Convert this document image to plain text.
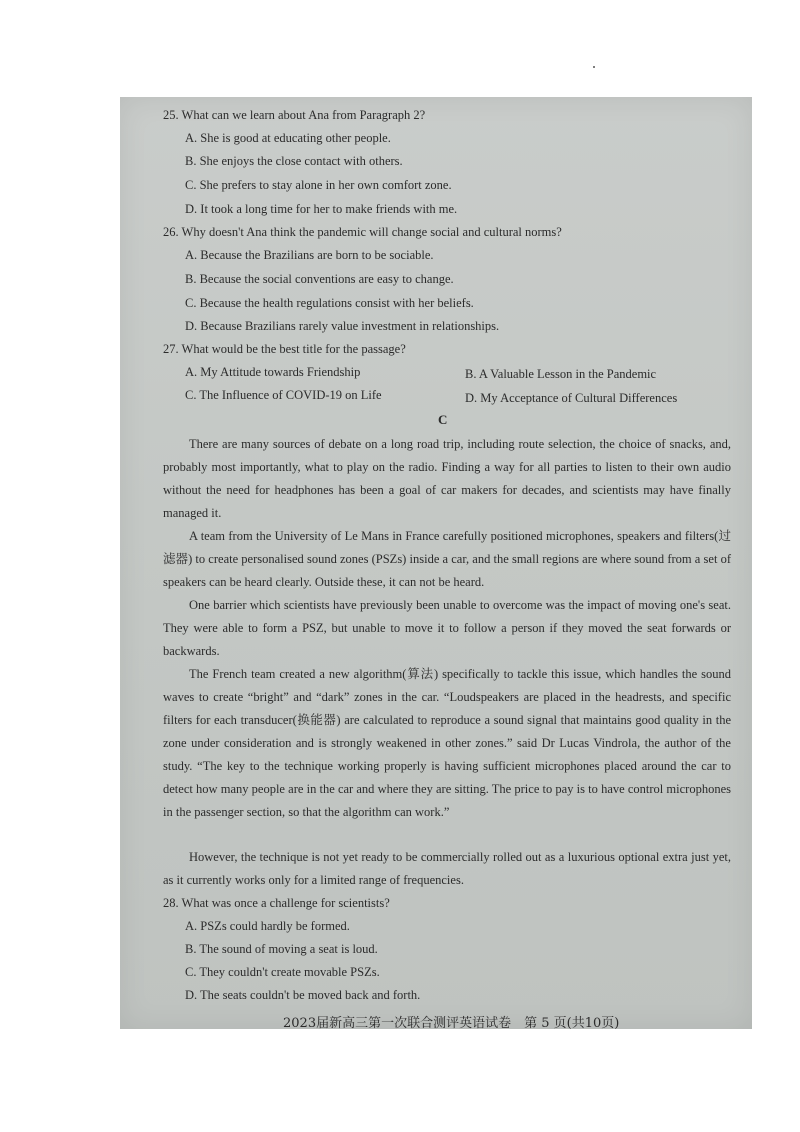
25. What can we learn about Ana from Paragraph 2?
A. She is good at educating other people.
B. She enjoys the close contact with others.
C. She prefers to stay alone in her own comfort zone.
D. It took a long time for her to make friends with me.
26. Why doesn't Ana think the pandemic will change social and cultural norms?
A. Because the Brazilians are born to be sociable.
B. Because the social conventions are easy to change.
C. Because the health regulations consist with her beliefs.
D. Because Brazilians rarely value investment in relationships.
27. What would be the best title for the passage?
A. My Attitude towards Friendship	B. A Valuable Lesson in the Pandemic
C. The Influence of COVID-19 on Life	D. My Acceptance of Cultural Differences
C
There are many sources of debate on a long road trip, including route selection, the choice of snacks, and, probably most importantly, what to play on the radio. Finding a way for all parties to listen to their own audio without the need for headphones has been a goal of car makers for decades, and scientists may have finally managed it.
A team from the University of Le Mans in France carefully positioned microphones, speakers and filters(过滤器) to create personalised sound zones (PSZs) inside a car, and the small regions are where sound from a set of speakers can be heard clearly. Outside these, it can not be heard.
One barrier which scientists have previously been unable to overcome was the impact of moving one's seat. They were able to form a PSZ, but unable to move it to follow a person if they moved the seat forwards or backwards.
The French team created a new algorithm(算法) specifically to tackle this issue, which handles the sound waves to create “bright” and “dark” zones in the car. “Loudspeakers are placed in the headrests, and specific filters for each transducer(换能器) are calculated to reproduce a sound signal that maintains good quality in the zone under consideration and is strongly weakened in other zones.” said Dr Lucas Vindrola, the author of the study. “The key to the technique working properly is having sufficient microphones placed around the car to detect how many people are in the car and where they are sitting. The price to pay is to have control microphones in the passenger section, so that the algorithm can work.”
However, the technique is not yet ready to be commercially rolled out as a luxurious optional extra just yet, as it currently works only for a limited range of frequencies.
28. What was once a challenge for scientists?
A. PSZs could hardly be formed.
B. The sound of moving a seat is loud.
C. They couldn't create movable PSZs.
D. The seats couldn't be moved back and forth.
2023届新高三第一次联合测评英语试卷　第 5 页(共10页)
